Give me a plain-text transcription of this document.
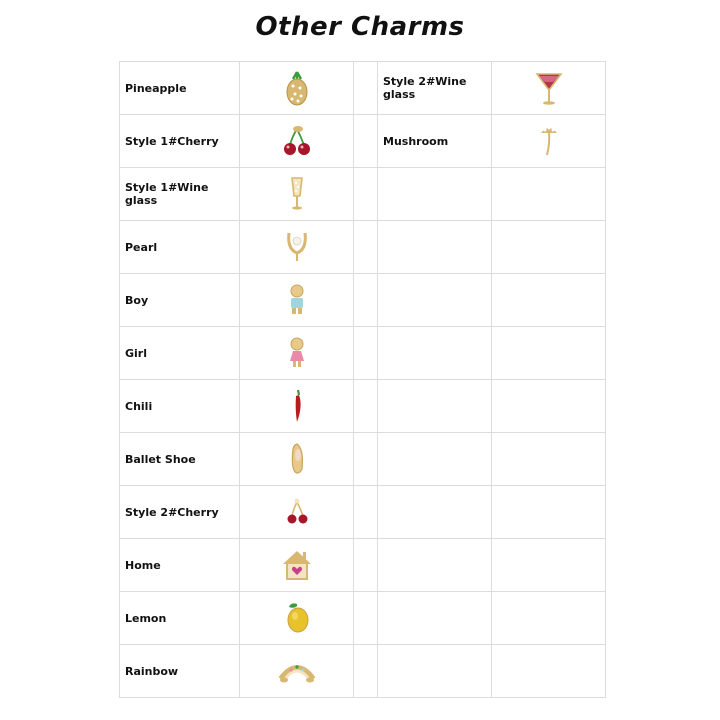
Other Charms
Pineapple			Style 2#Wine glass	
Style 1#Cherry			Mushroom	
Style 1#Wine glass				
Pearl				
Boy				
Girl				
Chili				
Ballet Shoe				
Style 2#Cherry				
Home				
Lemon				
Rainbow				
